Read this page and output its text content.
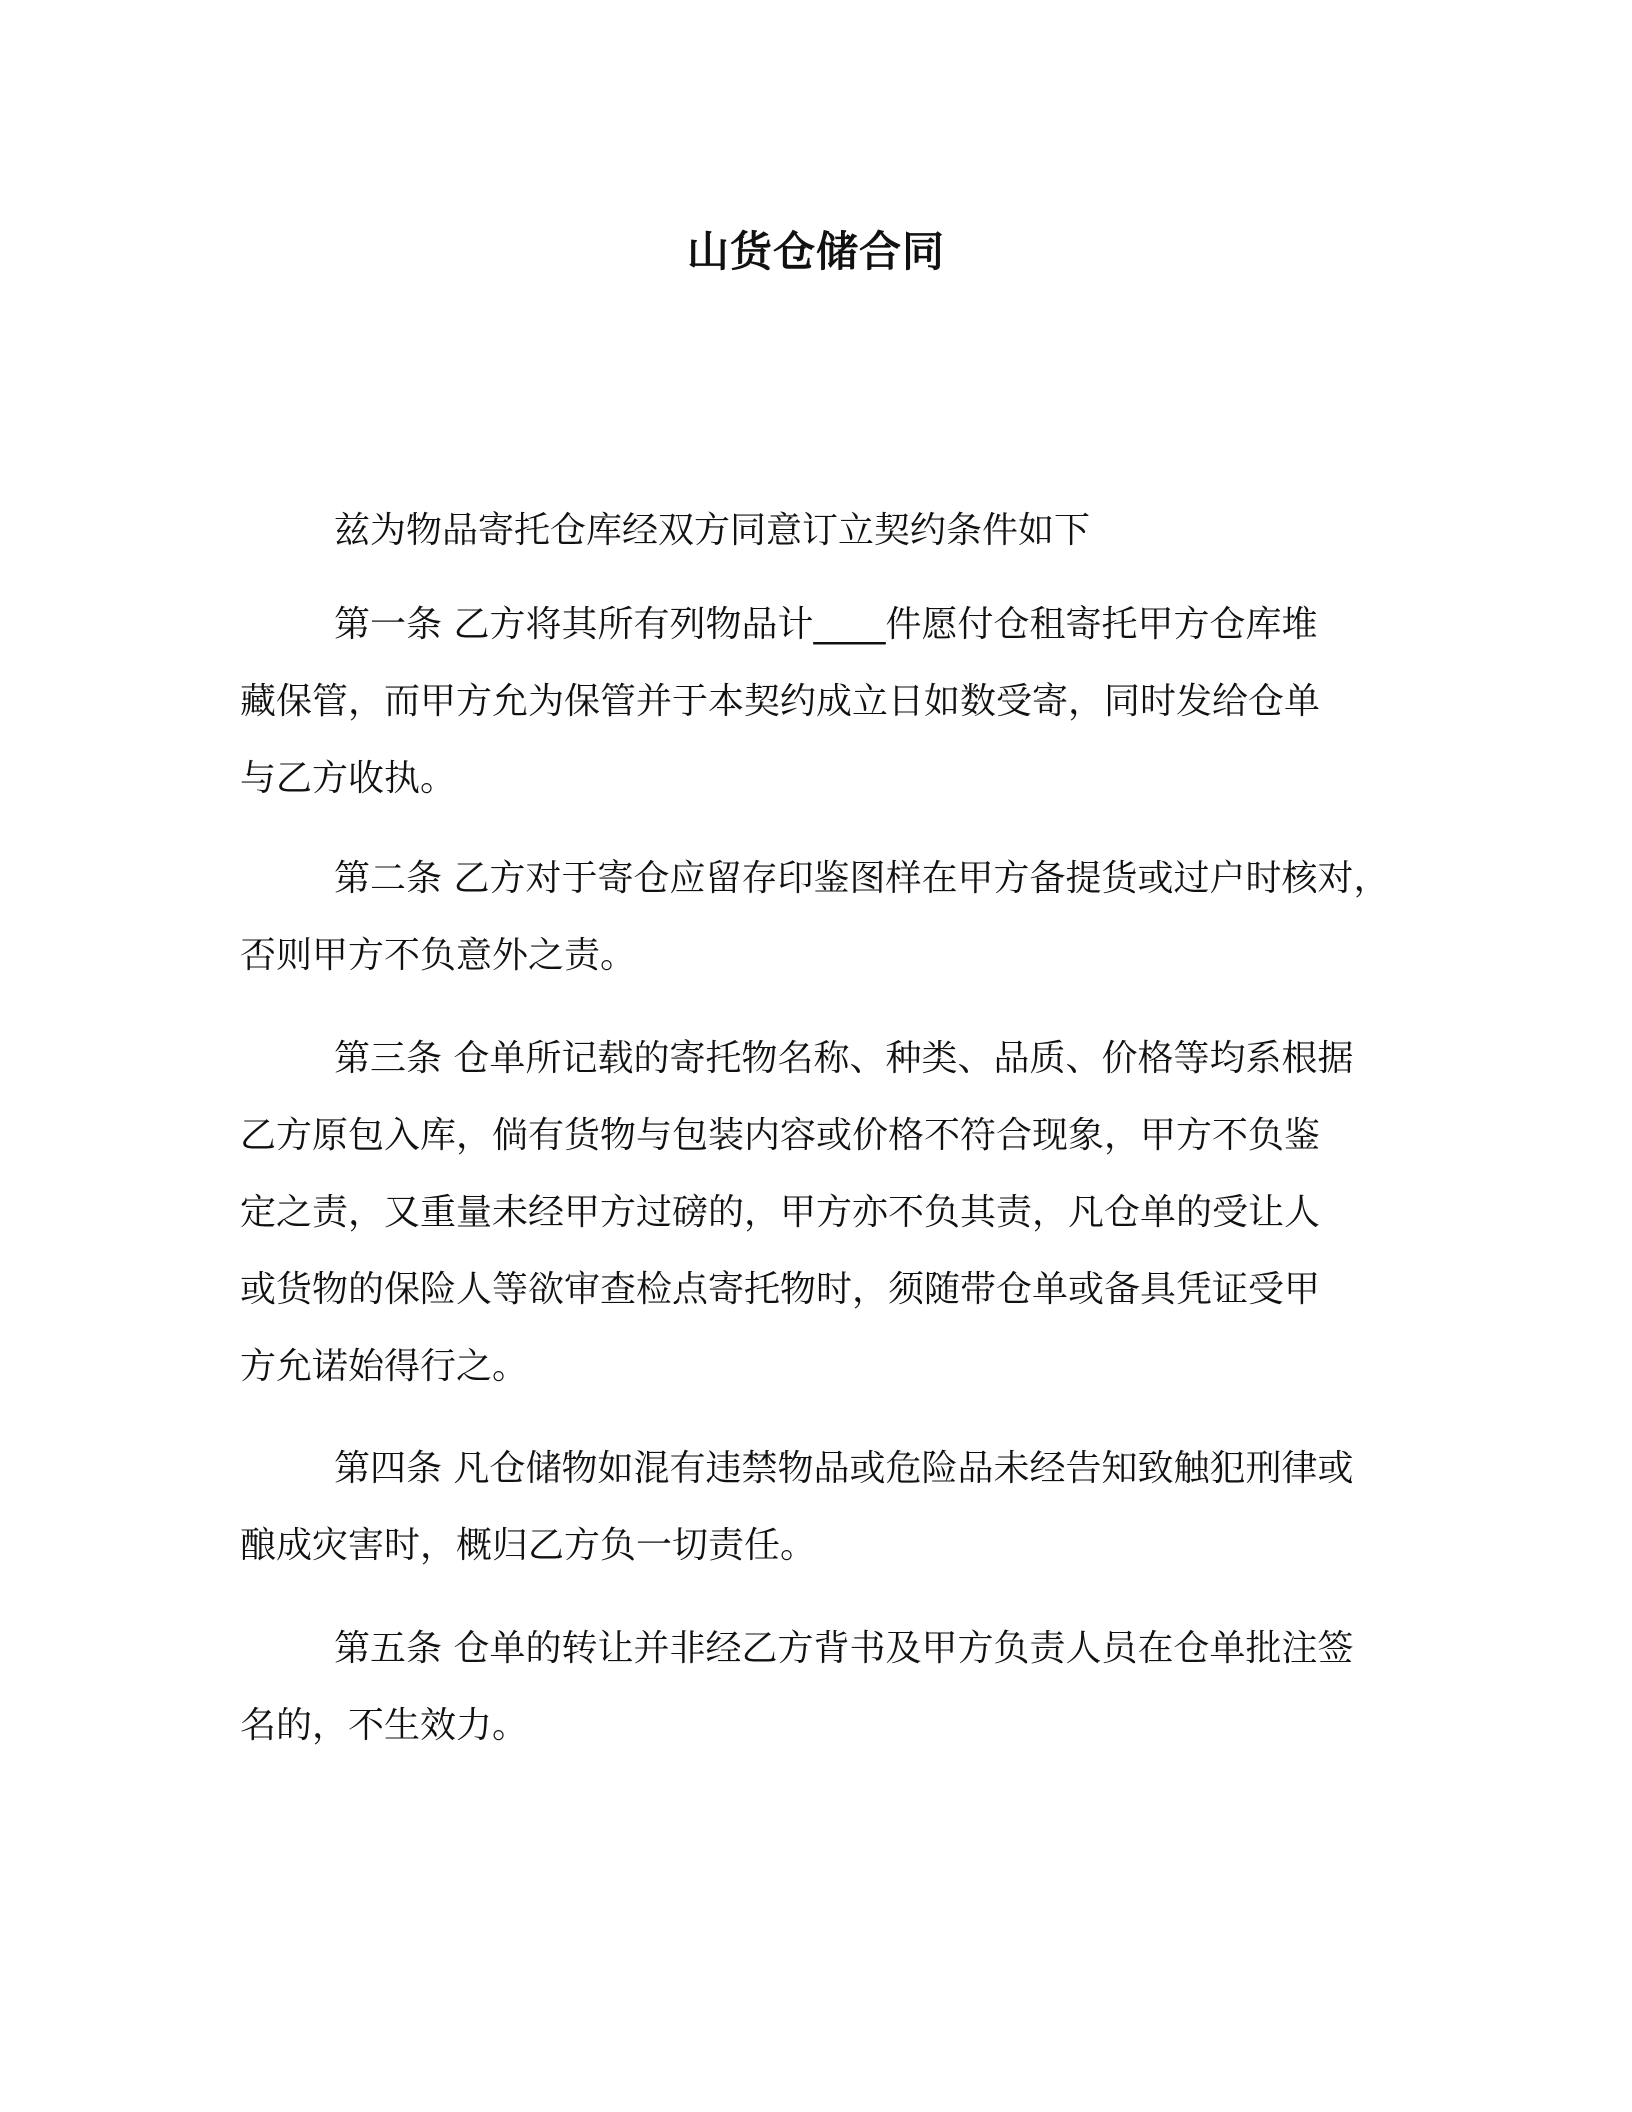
山货仓储合同
兹为物品寄托仓库经双方同意订立契约条件如下
第一条 乙方将其所有列物品计____件愿付仓租寄托甲方仓库堆
藏保管，而甲方允为保管并于本契约成立日如数受寄，同时发给仓单
与乙方收执。
第二条 乙方对于寄仓应留存印鉴图样在甲方备提货或过户时核对，
否则甲方不负意外之责。
第三条 仓单所记载的寄托物名称、种类、品质、价格等均系根据
乙方原包入库，倘有货物与包装内容或价格不符合现象，甲方不负鉴
定之责，又重量未经甲方过磅的，甲方亦不负其责，凡仓单的受让人
或货物的保险人等欲审查检点寄托物时，须随带仓单或备具凭证受甲
方允诺始得行之。
第四条 凡仓储物如混有违禁物品或危险品未经告知致触犯刑律或
酿成灾害时，概归乙方负一切责任。
第五条 仓单的转让并非经乙方背书及甲方负责人员在仓单批注签
名的，不生效力。
